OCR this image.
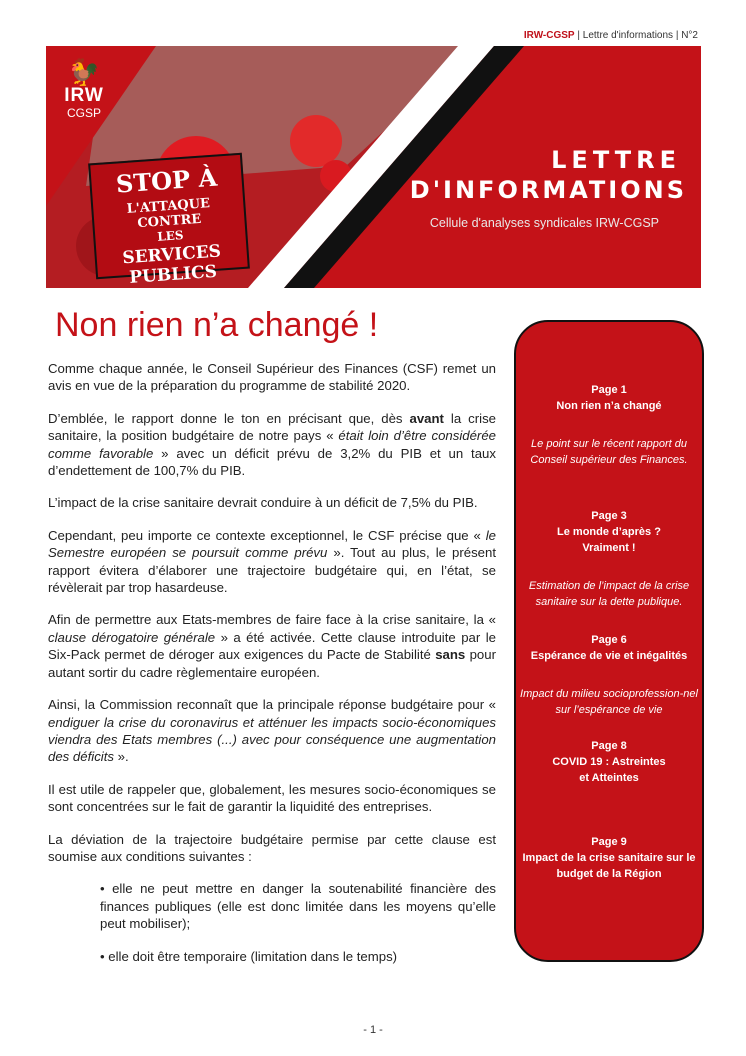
IRW-CGSP | Lettre d'informations | N°2
🐓
IRW
CGSP
STOP À
L'ATTAQUE CONTRE
LES
SERVICES PUBLICS
LETTRE
D'INFORMATIONS
Cellule d'analyses syndicales IRW-CGSP
Non rien n’a changé !

Comme chaque année, le Conseil Supérieur des Finances (CSF) remet un avis en vue de la préparation du programme de stabilité 2020.

D’emblée, le rapport donne le ton en précisant que, dès avant la crise sanitaire, la position budgétaire de notre pays « était loin d’être considérée comme favorable » avec un déficit prévu de 3,2% du PIB et un taux d’endettement de 100,7% du PIB.

L’impact de la crise sanitaire devrait conduire à un déficit de 7,5% du PIB.

Cependant, peu importe ce contexte exceptionnel, le CSF précise que « le Semestre européen se poursuit comme prévu ». Tout au plus, le présent rapport évitera d’élaborer une trajectoire budgétaire qui, en l’état, se révèlerait par trop hasardeuse.

Afin de permettre aux Etats-membres de faire face à la crise sanitaire, la « clause dérogatoire générale » a été activée. Cette clause introduite par le Six-Pack permet de déroger aux exigences du Pacte de Stabilité sans pour autant sortir du cadre règlementaire européen.

Ainsi, la Commission reconnaît que la principale réponse budgétaire pour « endiguer la crise du coronavirus et atténuer les impacts socio-économiques viendra des Etats membres (...) avec pour conséquence une augmentation des déficits ».

Il est utile de rappeler que, globalement, les mesures socio-économiques se sont concentrées sur le fait de garantir la liquidité des entreprises.

La déviation de la trajectoire budgétaire permise par cette clause est soumise aux conditions suivantes :

• elle ne peut mettre en danger la soutenabilité financière des finances publiques (elle est donc limitée dans les moyens qu’elle peut mobiliser);

• elle doit être temporaire (limitation dans le temps)

Page 1
Non rien n’a changé
Le point sur le récent rapport du Conseil supérieur des Finances.
Page 3
Le monde d’après ? Vraiment !
Estimation de l’impact de la crise sanitaire sur la dette publique.
Page 6
Espérance de vie et inégalités
Impact du milieu socioprofession-nel sur l’espérance de vie
Page 8
COVID 19 : Astreintes et Atteintes
Page 9
Impact de la crise sanitaire sur le budget de la Région
- 1 -
